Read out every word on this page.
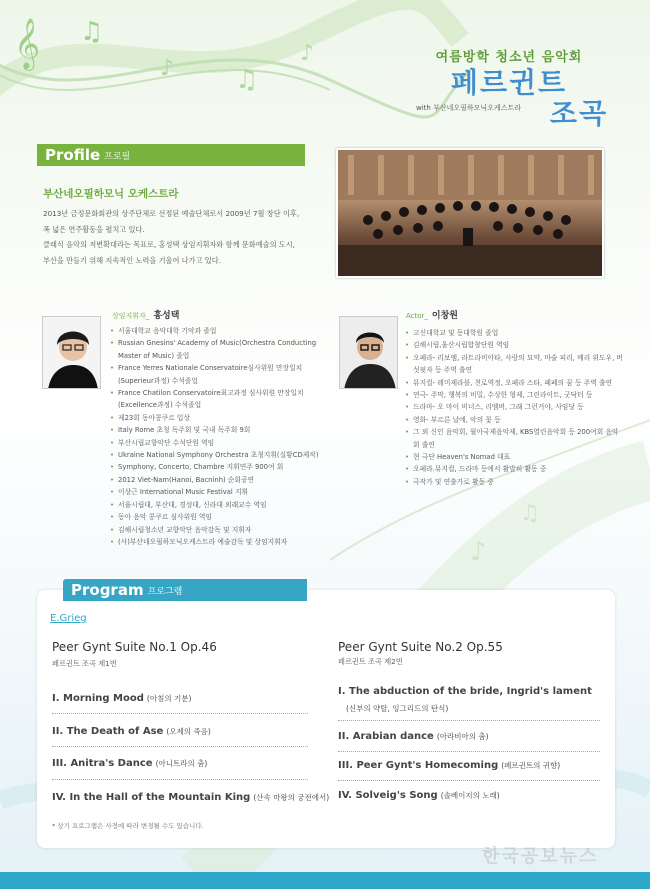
𝄞 ♫
♪ ♫
♪
♪
♫
여름방학 청소년 음악회
페르귄트
조곡
with 부산네오필하모닉오케스트라
Profile 프로필
부산네오필하모닉 오케스트라
2013년 금정문화회관의 상주단체로 선정된 예술단체로서 2009년 7월 창단 이후,
폭 넓은 연주활동을 펼치고 있다.
클래식 음악의 저변확대라는 목표로, 홍성택 상임지휘자와 함께 문화예술의 도시,
부산을 만들기 위해 지속적인 노력을 기울여 나가고 있다.
상임지휘자_ 홍성택
• 서울대학교 음악대학 기악과 졸업
• Russian Gnesins' Academy of Music(Orchestra Conducting Master of Music) 졸업
• France Yerres Nationale Conservatoire심사위원 만장일치 (Superieur과정) 수석졸업
• France Chatilon Conservatoire최고과정 심사위원 만장일치 (Excellence과정) 수석졸업
• 제23회 동아콩쿠르 입상
• Italy Rome 초청 독주회 및 국내 독주회 9회
• 부산시립교향악단 수석단원 역임
• Ukraine National Symphony Orchestra 초청지휘(실황CD제작)
• Symphony, Concerto, Chambre 지휘연주 900여 회
• 2012 Viet-Nam(Hanoi, Bacninh) 순회공연
• 이상근 International Music Festival 지휘
• 서울시립대, 부산대, 경성대, 신라대 외래교수 역임
• 동아 음악 콩쿠르 심사위원 역임
• 김해시립청소년 교향악단 음악감독 및 지휘자
• (사)부산네오필하모닉오케스트라 예술감독 및 상임지휘자
Actor_ 이창원
• 고신대학교 및 동대학원 졸업
• 김해시립,울산시립합창단원 역임
• 오페라- 리보엠, 라트라비아타, 사랑의 묘약, 마술 피리, 메리 위도우, 버섯핏자 등 주역 출연
• 뮤지컬- 레미제라블, 천로역정, 오페라 스타, 페페의 꿈 등 주역 출연
• 연극- 주막, 행복의 비밀, 수상한 형제, 그린라이트, 굿닥터 등
• 드라마- 오 마이 비너스, 리멤버, 그래 그런거야, 사임당 등
• 영화- 부르른 날에, 악의 꽃 등
• 그 외 신인 음악회, 월아국제음악제, KBS열린음악회 등 200여회 음악회 출연
• 현 극단 Heaven's Nomad 대표
• 오페라.뮤지컬, 드라마 등에서 활발히 활동 중
• 극작가 및 연출가로 활동 중
Program 프로그램
E.Grieg
Peer Gynt Suite No.1 Op.46
페르귄트 조곡 제1번
I. Morning Mood (아침의 기분)
II. The Death of Ase (오제의 죽음)
III. Anitra's Dance (아니트라의 춤)
IV. In the Hall of the Mountain King (산속 마왕의 궁전에서)
Peer Gynt Suite No.2 Op.55
페르귄트 조곡 제2번
I. The abduction of the bride, Ingrid's lament
(신부의 약탈, 잉그리드의 탄식)
II. Arabian dance (아라비아의 춤)
III. Peer Gynt's Homecoming (페르귄트의 귀향)
IV. Solveig's Song (솔베이지의 노래)
* 상기 프로그램은 사정에 따라 변경될 수도 있습니다.
한국공보뉴스
